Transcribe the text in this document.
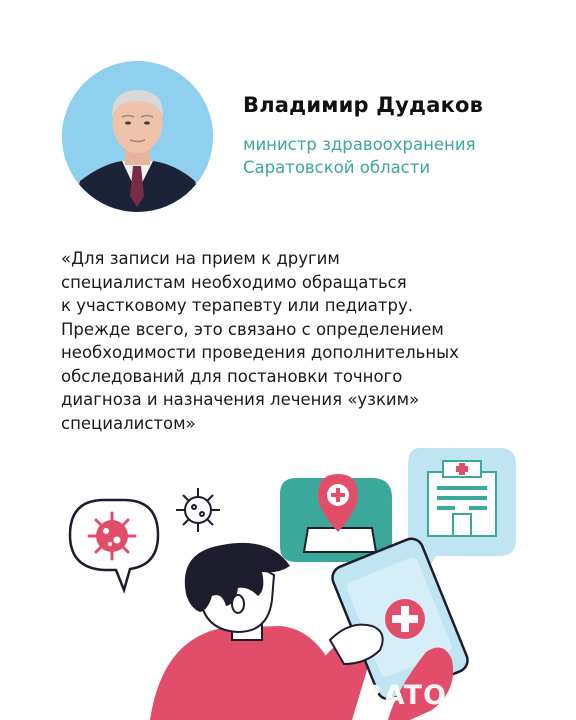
Владимир Дудаков
министр здравоохранения
Саратовской области

«Для записи на прием к другим
специалистам необходимо обращаться
к участковому терапевту или педиатру.
Прежде всего, это связано с определением
необходимости проведения дополнительных
обследований для постановки точного
диагноза и назначения лечения «узким»
специалистом»

RATO
